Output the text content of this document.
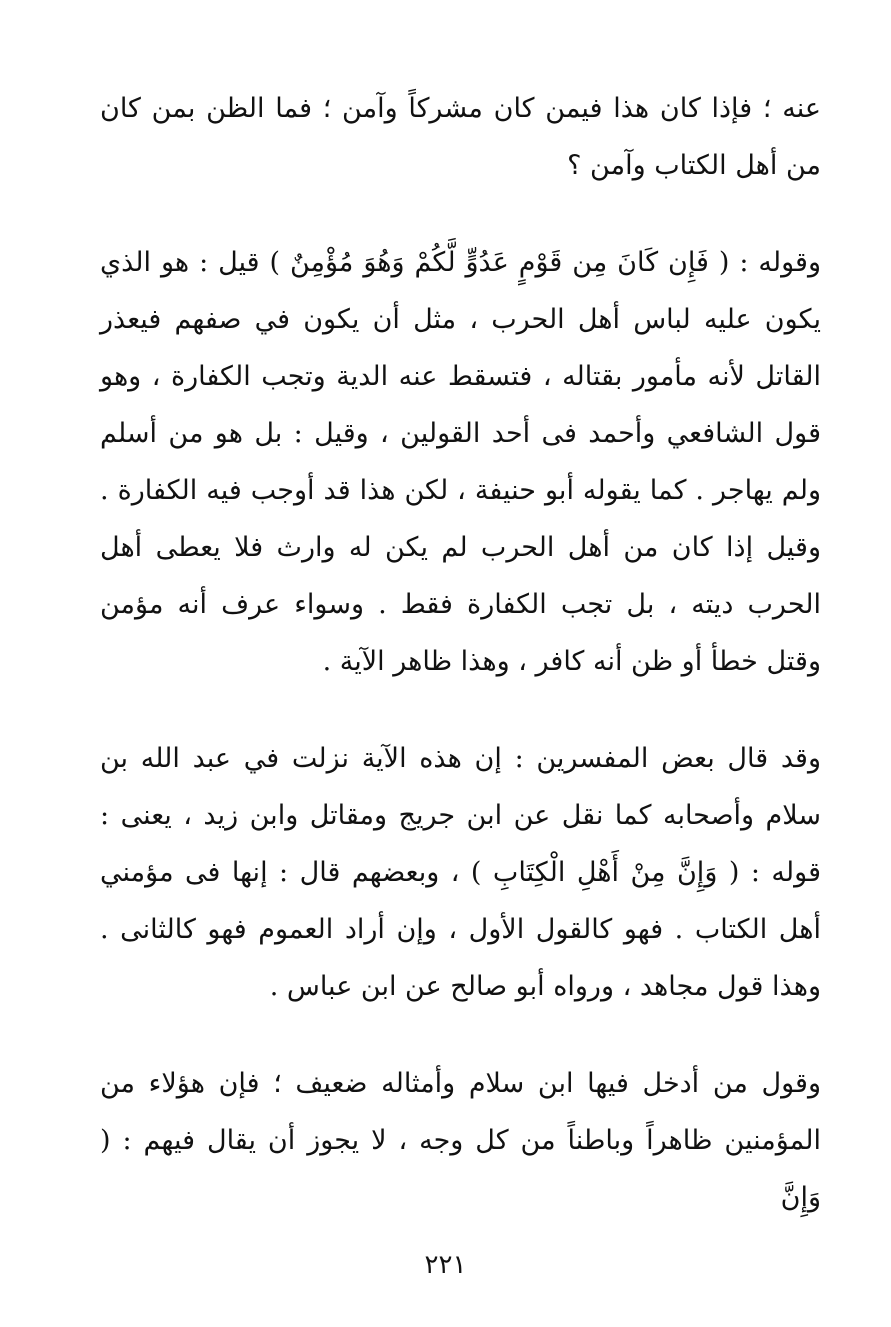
عنه ؛ فإذا كان هذا فيمن كان مشركاً وآمن ؛ فما الظن بمن كان من أهل الكتاب وآمن ؟

وقوله : ( فَإِن كَانَ مِن قَوْمٍ عَدُوٍّ لَّكُمْ وَهُوَ مُؤْمِنٌ ) قيل : هو الذي يكون عليه لباس أهل الحرب ، مثل أن يكون في صفهم فيعذر القاتل لأنه مأمور بقتاله ، فتسقط عنه الدية وتجب الكفارة ، وهو قول الشافعي وأحمد فى أحد القولين ، وقيل : بل هو من أسلم ولم يهاجر . كما يقوله أبو حنيفة ، لكن هذا قد أوجب فيه الكفارة . وقيل إذا كان من أهل الحرب لم يكن له وارث فلا يعطى أهل الحرب ديته ، بل تجب الكفارة فقط . وسواء عرف أنه مؤمن وقتل خطأ أو ظن أنه كافر ، وهذا ظاهر الآية .

وقد قال بعض المفسرين : إن هذه الآية نزلت في عبد الله بن سلام وأصحابه كما نقل عن ابن جريج ومقاتل وابن زيد ، يعنى : قوله : ( وَإِنَّ مِنْ أَهْلِ الْكِتَابِ ) ، وبعضهم قال : إنها فى مؤمني أهل الكتاب . فهو كالقول الأول ، وإن أراد العموم فهو كالثانى . وهذا قول مجاهد ، ورواه أبو صالح عن ابن عباس .

وقول من أدخل فيها ابن سلام وأمثاله ضعيف ؛ فإن هؤلاء من المؤمنين ظاهراً وباطناً من كل وجه ، لا يجوز أن يقال فيهم : ( وَإِنَّ

٢٢١
